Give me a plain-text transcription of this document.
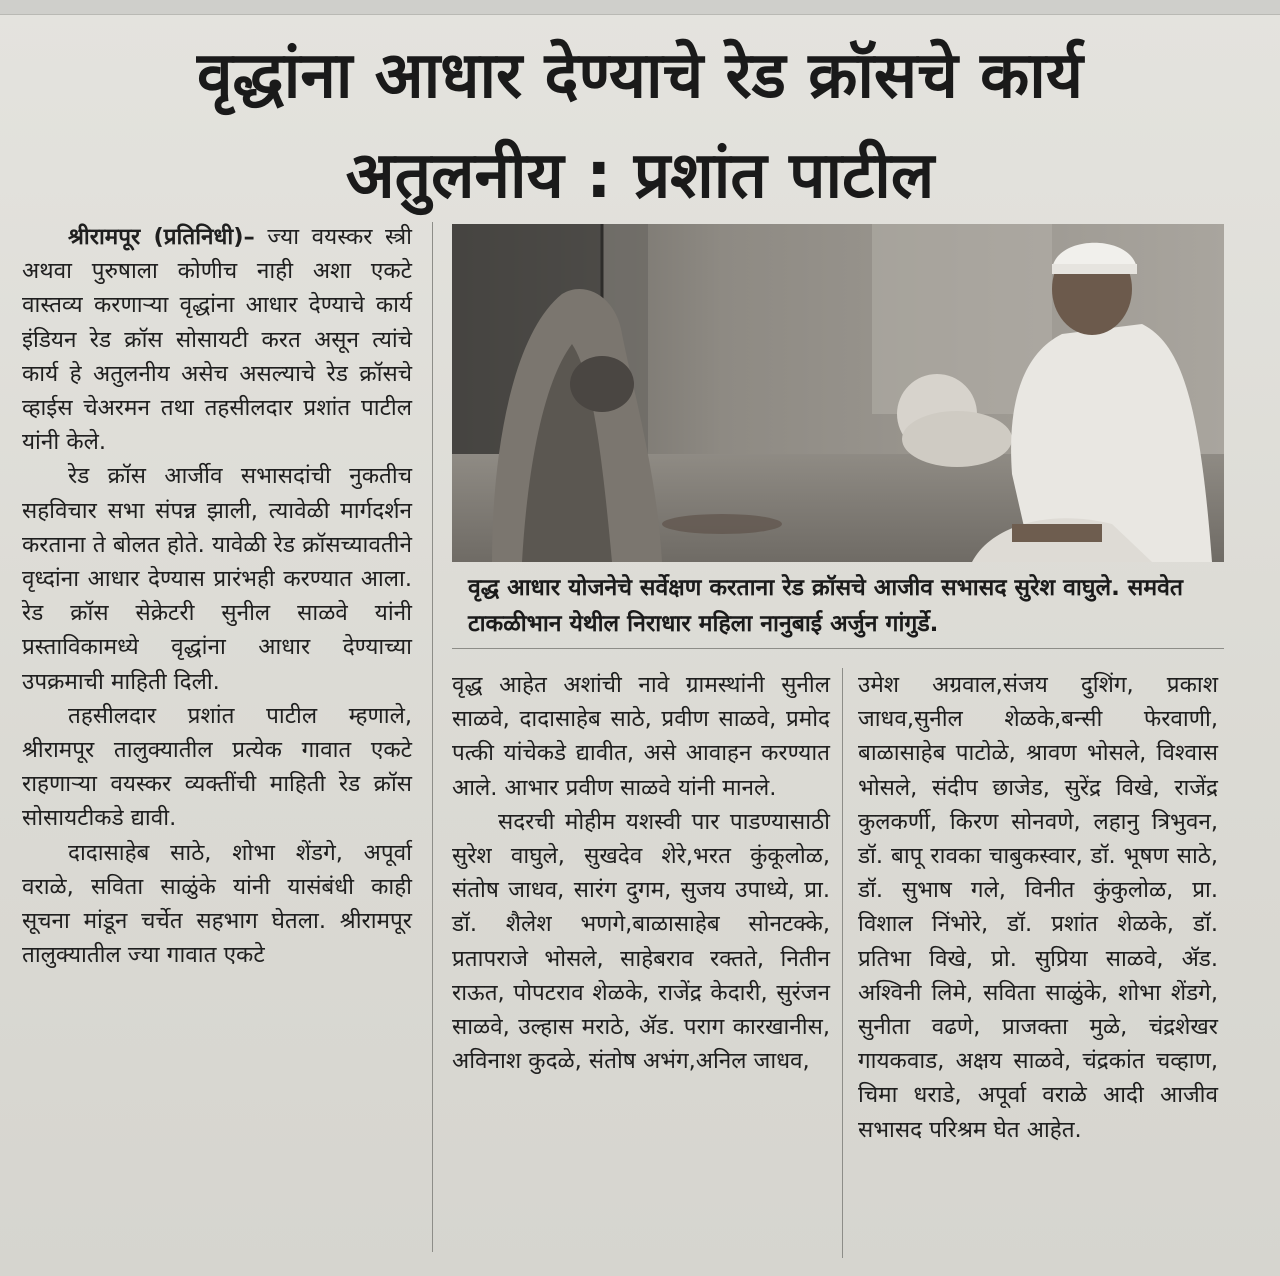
वृद्धांना आधार देण्याचे रेड क्रॉसचे कार्य
अतुलनीय : प्रशांत पाटील

श्रीरामपूर (प्रतिनिधी)– ज्या वयस्कर स्त्री अथवा पुरुषाला कोणीच नाही अशा एकटे वास्तव्य करणाऱ्या वृद्धांना आधार देण्याचे कार्य इंडियन रेड क्रॉस सोसायटी करत असून त्यांचे कार्य हे अतुलनीय असेच असल्याचे रेड क्रॉसचे व्हाईस चेअरमन तथा तहसीलदार प्रशांत पाटील यांनी केले.

रेड क्रॉस आर्जीव सभासदांची नुकतीच सहविचार सभा संपन्न झाली, त्यावेळी मार्गदर्शन करताना ते बोलत होते. यावेळी रेड क्रॉसच्यावतीने वृध्दांना आधार देण्यास प्रारंभही करण्यात आला. रेड क्रॉस सेक्रेटरी सुनील साळवे यांनी प्रस्ताविकामध्ये वृद्धांना आधार देण्याच्या उपक्रमाची माहिती दिली.

तहसीलदार प्रशांत पाटील म्हणाले, श्रीरामपूर तालुक्यातील प्रत्येक गावात एकटे राहणाऱ्या वयस्कर व्यक्तींची माहिती रेड क्रॉस सोसायटीकडे द्यावी.

दादासाहेब साठे, शोभा शेंडगे, अपूर्वा वराळे, सविता साळुंके यांनी यासंबंधी काही सूचना मांडून चर्चेत सहभाग घेतला. श्रीरामपूर तालुक्यातील ज्या गावात एकटे

वृद्ध आधार योजनेचे सर्वेक्षण करताना रेड क्रॉसचे आजीव सभासद सुरेश वाघुले. समवेत टाकळीभान येथील निराधार महिला नानुबाई अर्जुन गांगुर्डे.

वृद्ध आहेत अशांची नावे ग्रामस्थांनी सुनील साळवे, दादासाहेब साठे, प्रवीण साळवे, प्रमोद पत्की यांचेकडे द्यावीत, असे आवाहन करण्यात आले. आभार प्रवीण साळवे यांनी मानले.

सदरची मोहीम यशस्वी पार पाडण्यासाठी सुरेश वाघुले, सुखदेव शेरे,भरत कुंकूलोळ, संतोष जाधव, सारंग दुगम, सुजय उपाध्ये, प्रा. डॉ. शैलेश भणगे,बाळासाहेब सोनटक्के, प्रतापराजे भोसले, साहेबराव रक्तते, नितीन राऊत, पोपटराव शेळके, राजेंद्र केदारी, सुरंजन साळवे, उल्हास मराठे, ॲड. पराग कारखानीस, अविनाश कुदळे, संतोष अभंग,अनिल जाधव,

उमेश अग्रवाल,संजय दुशिंग, प्रकाश जाधव,सुनील शेळके,बन्सी फेरवाणी, बाळासाहेब पाटोळे, श्रावण भोसले, विश्वास भोसले, संदीप छाजेड, सुरेंद्र विखे, राजेंद्र कुलकर्णी, किरण सोनवणे, लहानु त्रिभुवन, डॉ. बापू रावका चाबुकस्वार, डॉ. भूषण साठे, डॉ. सुभाष गले, विनीत कुंकुलोळ, प्रा. विशाल निंभोरे, डॉ. प्रशांत शेळके, डॉ. प्रतिभा विखे, प्रो. सुप्रिया साळवे, ॲड. अश्विनी लिमे, सविता साळुंके, शोभा शेंडगे, सुनीता वढणे, प्राजक्ता मुळे, चंद्रशेखर गायकवाड, अक्षय साळवे, चंद्रकांत चव्हाण, चिमा धराडे, अपूर्वा वराळे आदी आजीव सभासद परिश्रम घेत आहेत.
